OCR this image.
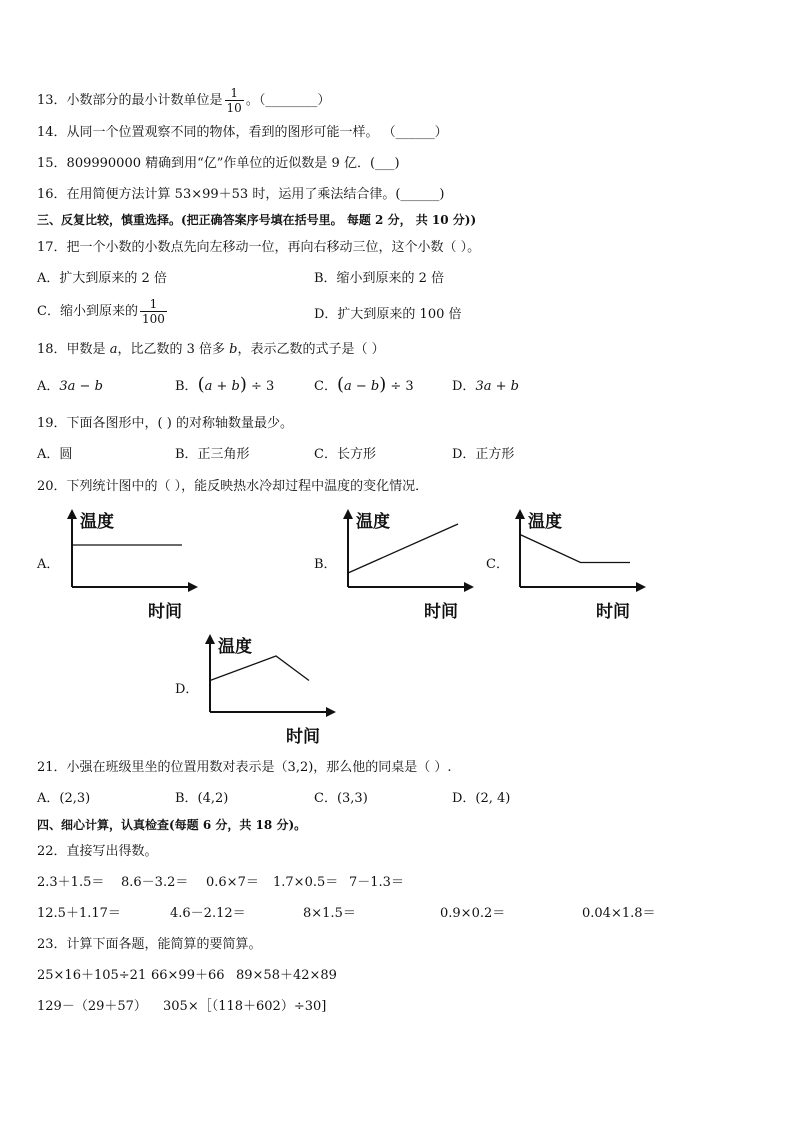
13．小数部分的最小计数单位是 $\frac{1}{10}$ 。（________）
14．从同一个位置观察不同的物体，看到的图形可能一样。 （______）
15．809990000 精确到用“亿”作单位的近似数是 9 亿．(___)
16．在用简便方法计算 53×99＋53 时，运用了乘法结合律。(______)
三、反复比较，慎重选择。(把正确答案序号填在括号里。 每题 2 分， 共 10 分))
17．把一个小数的小数点先向左移动一位，再向右移动三位，这个小数（ ）。
A．扩大到原来的 2 倍	B．缩小到原来的 2 倍
C．缩小到原来的 $\frac{1}{100}$	D．扩大到原来的 100 倍
18．甲数是 a，比乙数的 3 倍多 b，表示乙数的式子是（ ）
A．3a − b	B．(a + b) ÷ 3	C．(a − b) ÷ 3	D．3a + b
19．下面各图形中，( ) 的对称轴数量最少。
A．圆	B．正三角形	C．长方形	D．正方形
20．下列统计图中的（ ），能反映热水冷却过程中温度的变化情况．
A．	B．	C．
D．
温度
时间
温度
时间
温度
时间
温度
时间
21．小强在班级里坐的位置用数对表示是（3,2)，那么他的同桌是（ ）.
A．(2,3)	B．(4,2)	C．(3,3)	D．(2, 4)
四、细心计算，认真检查(每题 6 分，共 18 分)。
22．直接写出得数。
2.3＋1.5＝ 8.6－3.2＝ 0.6×7＝ 1.7×0.5＝ 7－1.3＝
12.5＋1.17＝	4.6－2.12＝	8×1.5＝	0.9×0.2＝	0.04×1.8＝
23．计算下面各题，能简算的要简算。
25×16＋105÷21 66×99＋66 89×58＋42×89
129－（29＋57） 305×［（118＋602）÷30]
